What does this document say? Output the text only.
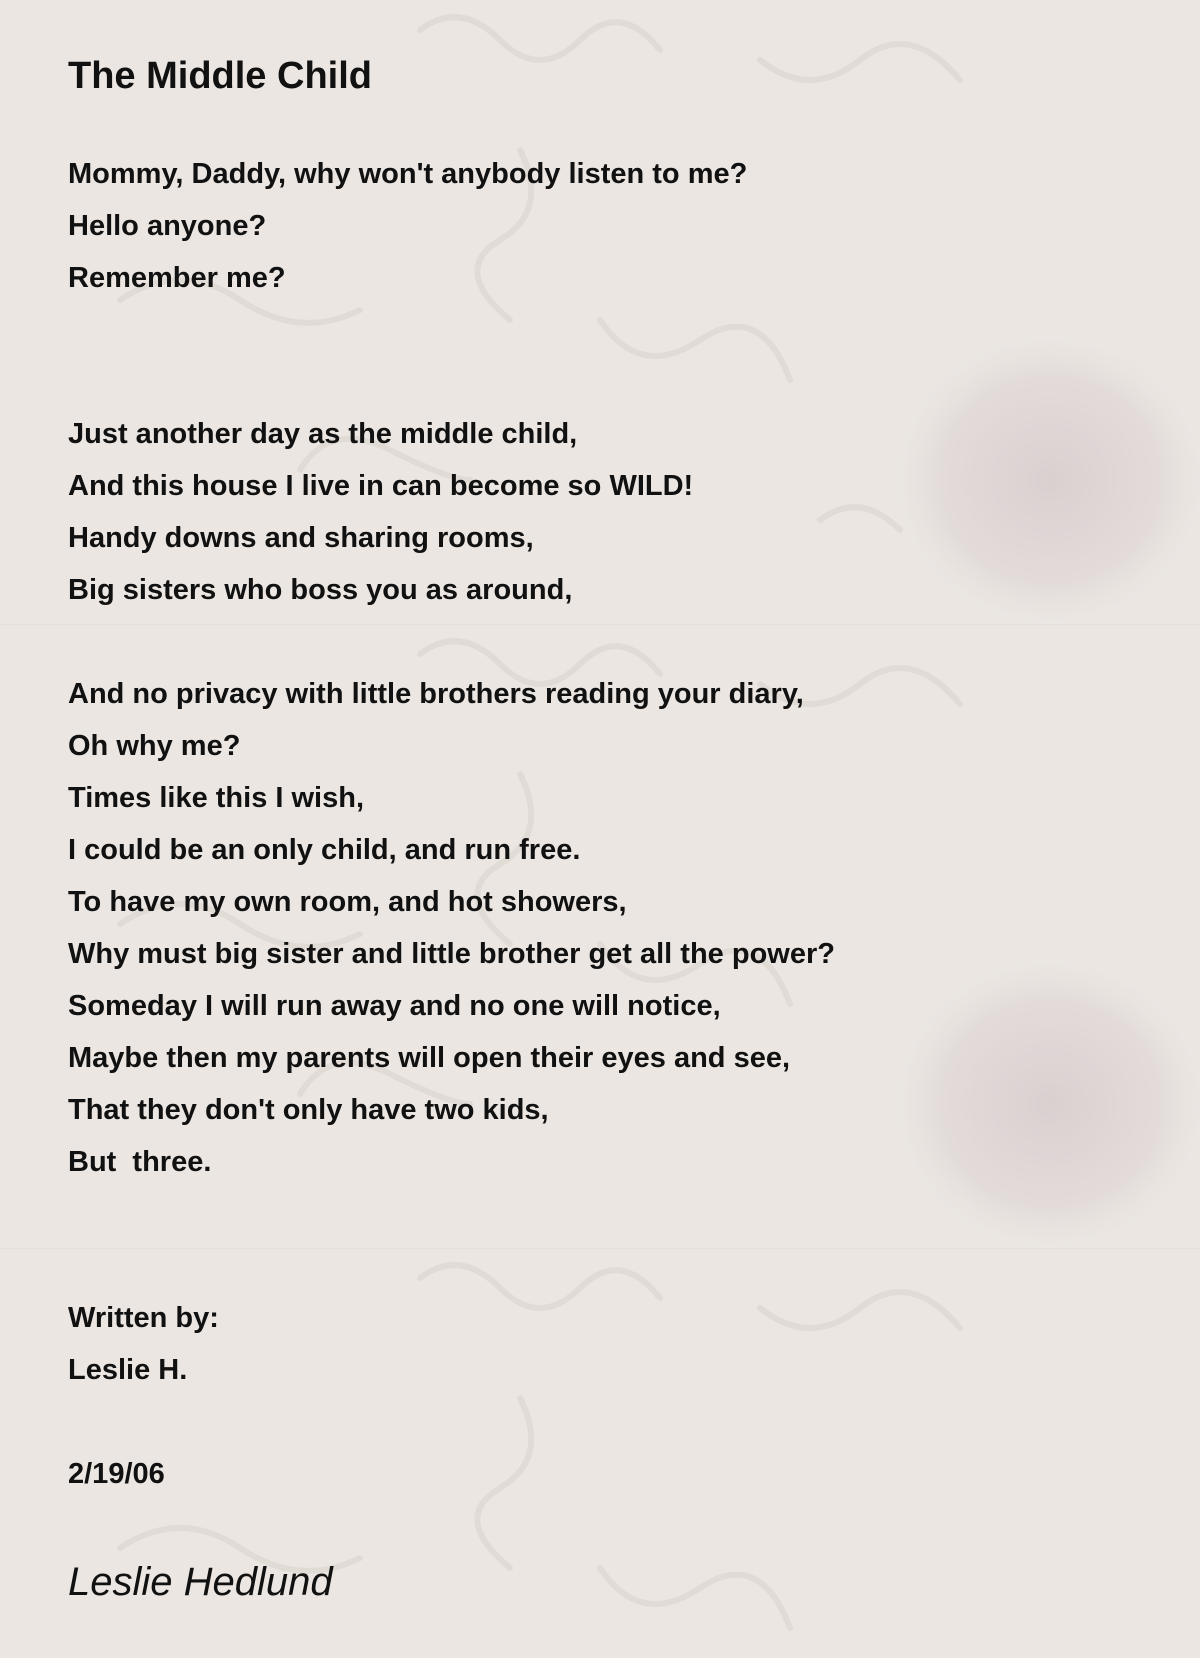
The Middle Child
Mommy, Daddy, why won't anybody listen to me?
Hello anyone?
Remember me?
Just another day as the middle child,
And this house I live in can become so WILD!
Handy downs and sharing rooms,
Big sisters who boss you as around,
And no privacy with little brothers reading your diary,
Oh why me?
Times like this I wish,
I could be an only child, and run free.
To have my own room, and hot showers,
Why must big sister and little brother get all the power?
Someday I will run away and no one will notice,
Maybe then my parents will open their eyes and see,
That they don't only have two kids,
But  three.
Written by:
Leslie H.
2/19/06
Leslie Hedlund
